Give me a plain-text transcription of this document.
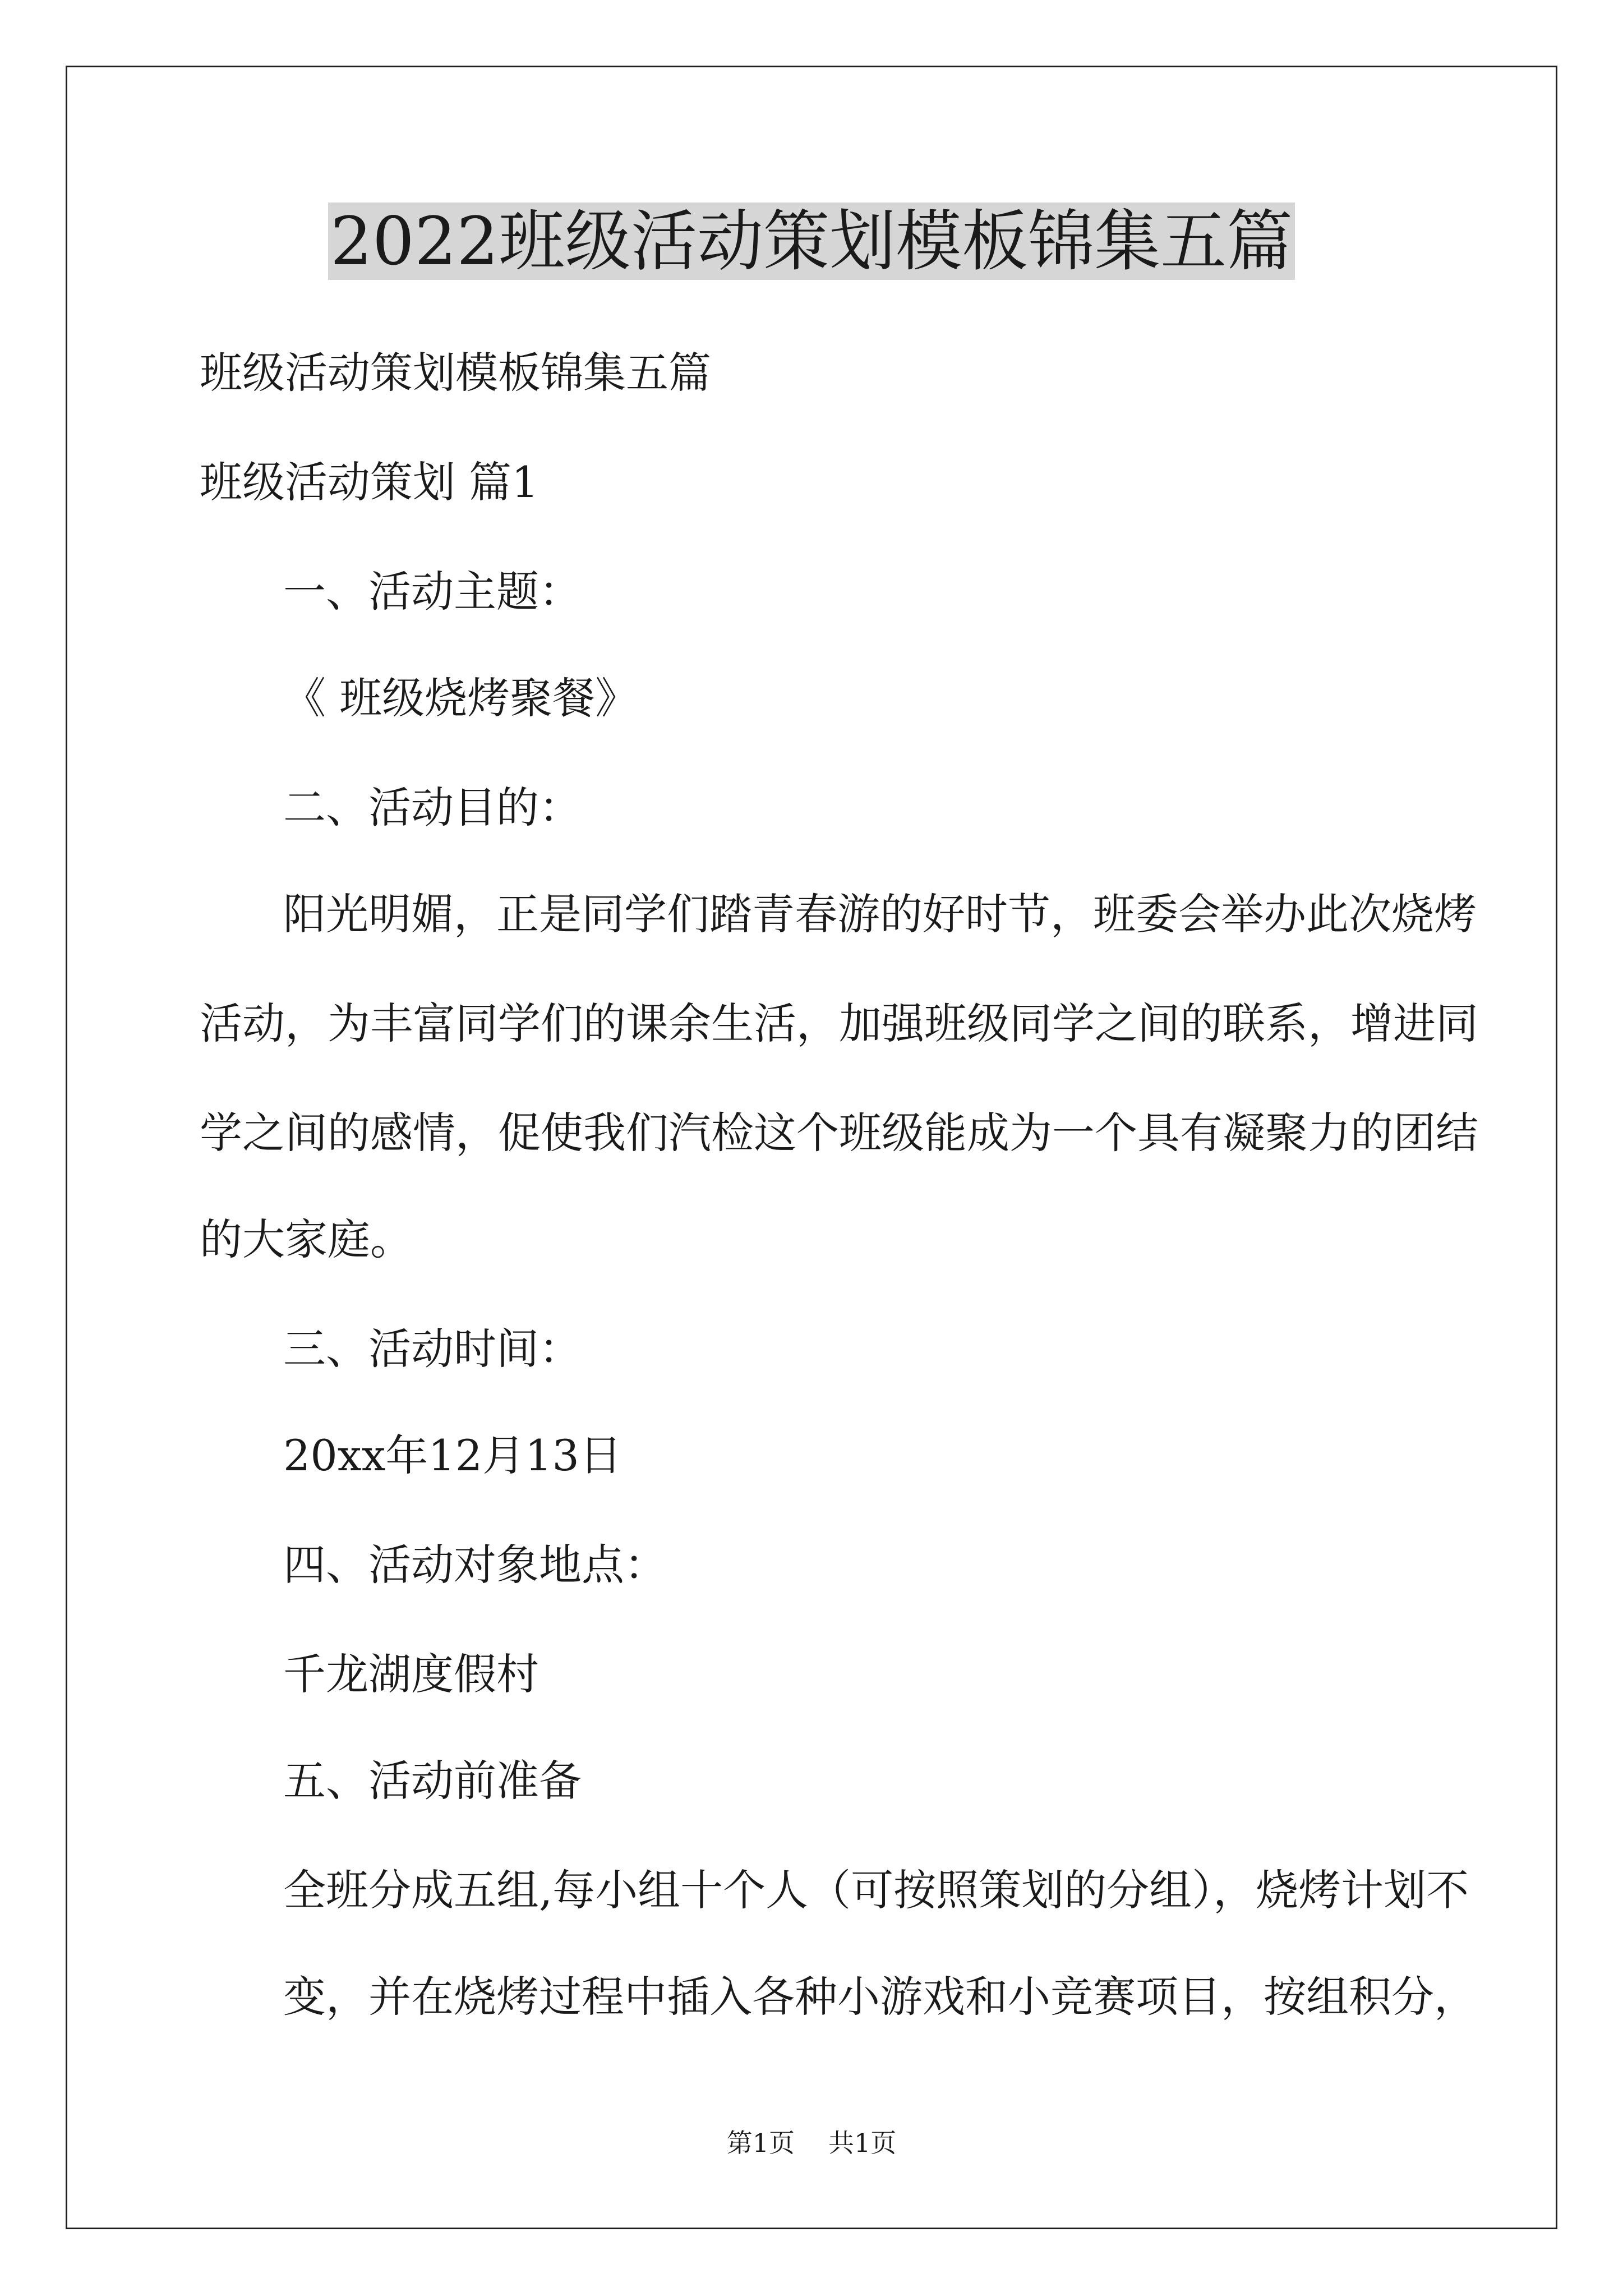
2022班级活动策划模板锦集五篇

班级活动策划模板锦集五篇

班级活动策划 篇1

一、活动主题：

《 班级烧烤聚餐》

二、活动目的：

阳光明媚，正是同学们踏青春游的好时节，班委会举办此次烧烤

活动，为丰富同学们的课余生活，加强班级同学之间的联系，增进同

学之间的感情，促使我们汽检这个班级能成为一个具有凝聚力的团结

的大家庭。

三、活动时间：

20xx年12月13日

四、活动对象地点：

千龙湖度假村

五、活动前准备

全班分成五组,每小组十个人（可按照策划的分组），烧烤计划不

变，并在烧烤过程中插入各种小游戏和小竞赛项目，按组积分，

第1页 共1页
